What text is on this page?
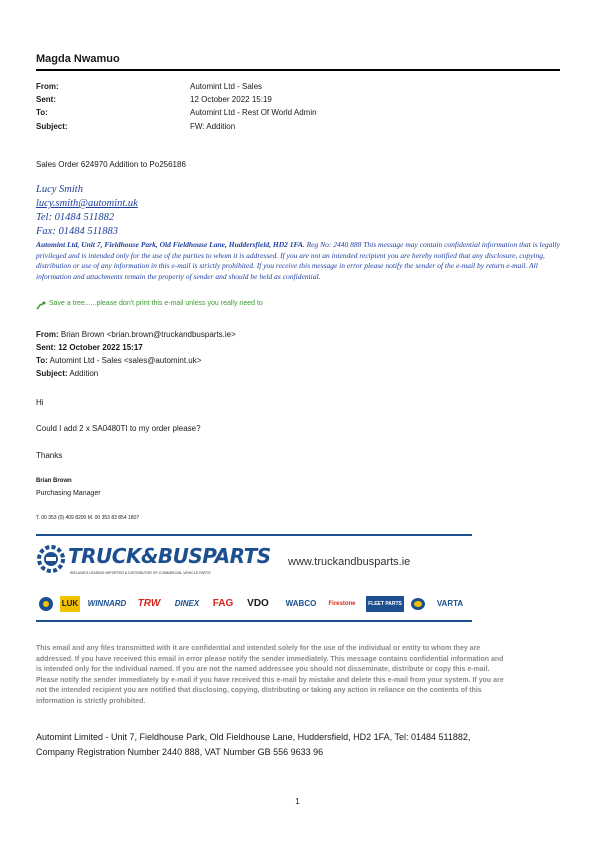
Magda Nwamuo
From:	Automint Ltd - Sales
Sent:	12 October 2022 15:19
To:	Automint Ltd - Rest Of World Admin
Subject:	FW: Addition
Sales Order 624970 Addition to Po256186
Lucy Smith
lucy.smith@automint.uk
Tel: 01484 511882
Fax: 01484 511883
Automint Ltd, Unit 7, Fieldhouse Park, Old Fieldhouse Lane, Huddersfield, HD2 1FA. Reg No: 2440 888 This message may contain confidential information that is legally privileged and is intended only for the use of the parties to whom it is addressed. If you are not an intended recipient you are hereby notified that any disclosure, copying, distribution or use of any information in this e-mail is strictly prohibited. If you receive this message in error please notify the sender of the e-mail by return e-mail. All information and attachments remain the property of sender and should be held as confidential.
Save a tree......please don't print this e-mail unless you really need to
From: Brian Brown <brian.brown@truckandbusparts.ie>
Sent: 12 October 2022 15:17
To: Automint Ltd - Sales <sales@automint.uk>
Subject: Addition
Hi
Could I add 2 x SA0480TI to my order please?
Thanks
Brian Brown
Purchasing Manager
T. 00 353 (0) 409 8200 M. 00 353 83 854 1807
TRUCK&BUSPARTS
IRELAND'S LEADING IMPORTER & DISTRIBUTOR OF COMMERCIAL VEHICLE PARTS
www.truckandbusparts.ie
LUK WINNARD	TRW	DINEX	FAG	VDO	WABCO	Firestone	FLEET PARTS	VARTA
This email and any files transmitted with it are confidential and intended solely for the use of the individual or entity to whom they are addressed. If you have received this email in error please notify the sender immediately. This message contains confidential information and is intended only for the individual named. If you are not the named addressee you should not disseminate, distribute or copy this e-mail. Please notify the sender immediately by e-mail if you have received this e-mail by mistake and delete this e-mail from your system. If you are not the intended recipient you are notified that disclosing, copying, distributing or taking any action in reliance on the contents of this information is strictly prohibited.
Automint Limited - Unit 7, Fieldhouse Park, Old Fieldhouse Lane, Huddersfield, HD2 1FA, Tel: 01484 511882,
Company Registration Number 2440 888, VAT Number GB 556 9633 96
1
